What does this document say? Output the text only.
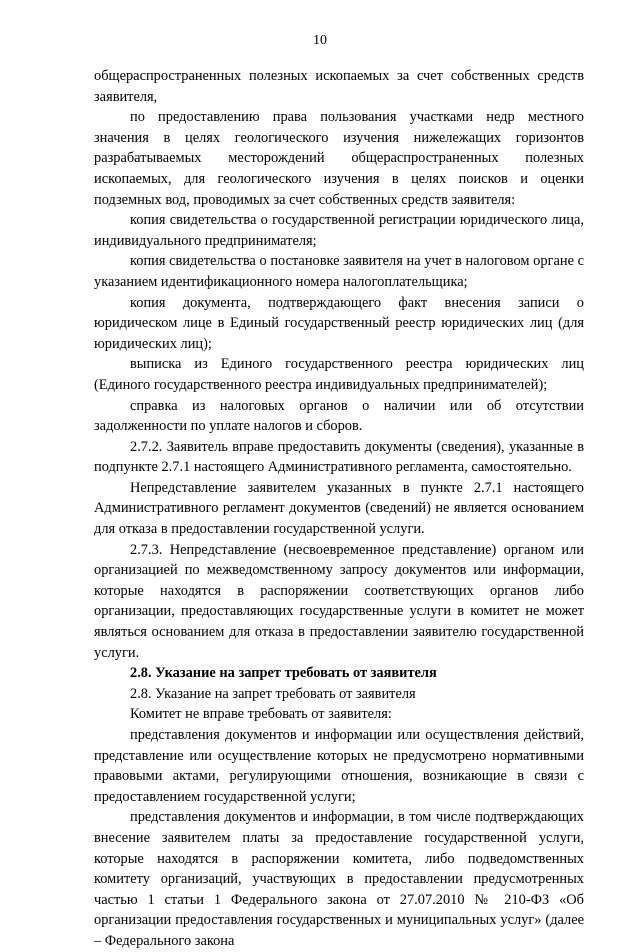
10

общераспространенных полезных ископаемых за счет собственных средств заявителя,

по предоставлению права пользования участками недр местного значения в целях геологического изучения нижележащих горизонтов разрабатываемых месторождений общераспространенных полезных ископаемых, для геологического изучения в целях поисков и оценки подземных вод, проводимых за счет собственных средств заявителя:

копия свидетельства о государственной регистрации юридического лица, индивидуального предпринимателя;

копия свидетельства о постановке заявителя на учет в налоговом органе с указанием идентификационного номера налогоплательщика;

копия документа, подтверждающего факт внесения записи о юридическом лице в Единый государственный реестр юридических лиц (для юридических лиц);

выписка из Единого государственного реестра юридических лиц (Единого государственного реестра индивидуальных предпринимателей);

справка из налоговых органов о наличии или об отсутствии задолженности по уплате налогов и сборов.

2.7.2. Заявитель вправе предоставить документы (сведения), указанные в подпункте 2.7.1 настоящего Административного регламента, самостоятельно.

Непредставление заявителем указанных в пункте 2.7.1 настоящего Административного регламент документов (сведений) не является основанием для отказа в предоставлении государственной услуги.

2.7.3. Непредставление (несвоевременное представление) органом или организацией по межведомственному запросу документов или информации, которые находятся в распоряжении соответствующих органов либо организации, предоставляющих государственные услуги в комитет не может являться основанием для отказа в предоставлении заявителю государственной услуги.

2.8. Указание на запрет требовать от заявителя

2.8. Указание на запрет требовать от заявителя

Комитет не вправе требовать от заявителя:

представления документов и информации или осуществления действий, представление или осуществление которых не предусмотрено нормативными правовыми актами, регулирующими отношения, возникающие в связи с предоставлением государственной услуги;

представления документов и информации, в том числе подтверждающих внесение заявителем платы за предоставление государственной услуги, которые находятся в распоряжении комитета, либо подведомственных комитету организаций, участвующих в предоставлении предусмотренных частью 1 статьи 1 Федерального закона от 27.07.2010 № 210-ФЗ «Об организации предоставления государственных и муниципальных услуг» (далее – Федерального закона
